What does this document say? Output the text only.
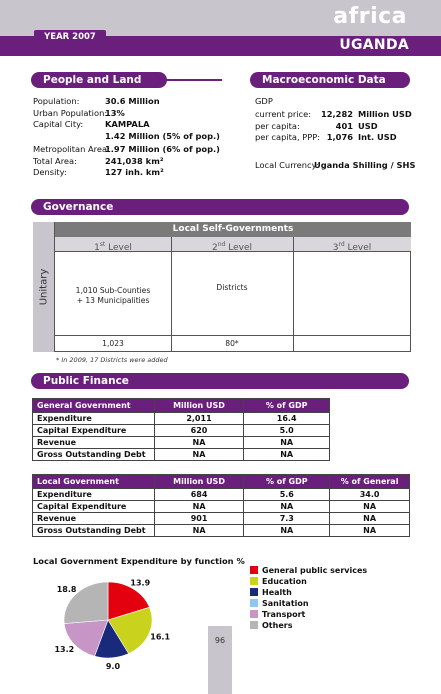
africa
YEAR 2007	UGANDA
People and Land
Population:	30.6 Million
Urban Population:
13%
Capital City:	KAMPALA
1.42 Million (5% of pop.)
Metropolitan Area:
1.97 Million (6% of pop.)
Total Area:	241,038 km²
Density:	127 inh. km²
Macroeconomic Data
GDP
current price: 12,282 Million USD
per capita:	401 USD
per capita, PPP: 1,076 Int. USD
Local Currency:
Uganda Shilling / SHS
Governance
Unitary
Local Self-Governments
1st Level	2nd Level	3rd Level
1,010 Sub-Counties
+ 13 Municipalities
Districts
1,023	80*
* In 2009, 17 Districts were added
Public Finance
General Government	Million USD	% of GDP
Expenditure	2,011	16.4
Capital Expenditure	620	5.0
Revenue	NA	NA
Gross Outstanding Debt	NA	NA
Local Government	Million USD	% of GDP	% of General
Expenditure	684	5.6	34.0
Capital Expenditure	NA	NA	NA
Revenue	901	7.3	NA
Gross Outstanding Debt	NA	NA	NA
Local Government Expenditure by function %
13.9
16.1
9.0
13.2
18.8
General public services
Education
Health
Sanitation
Transport
Others
96
